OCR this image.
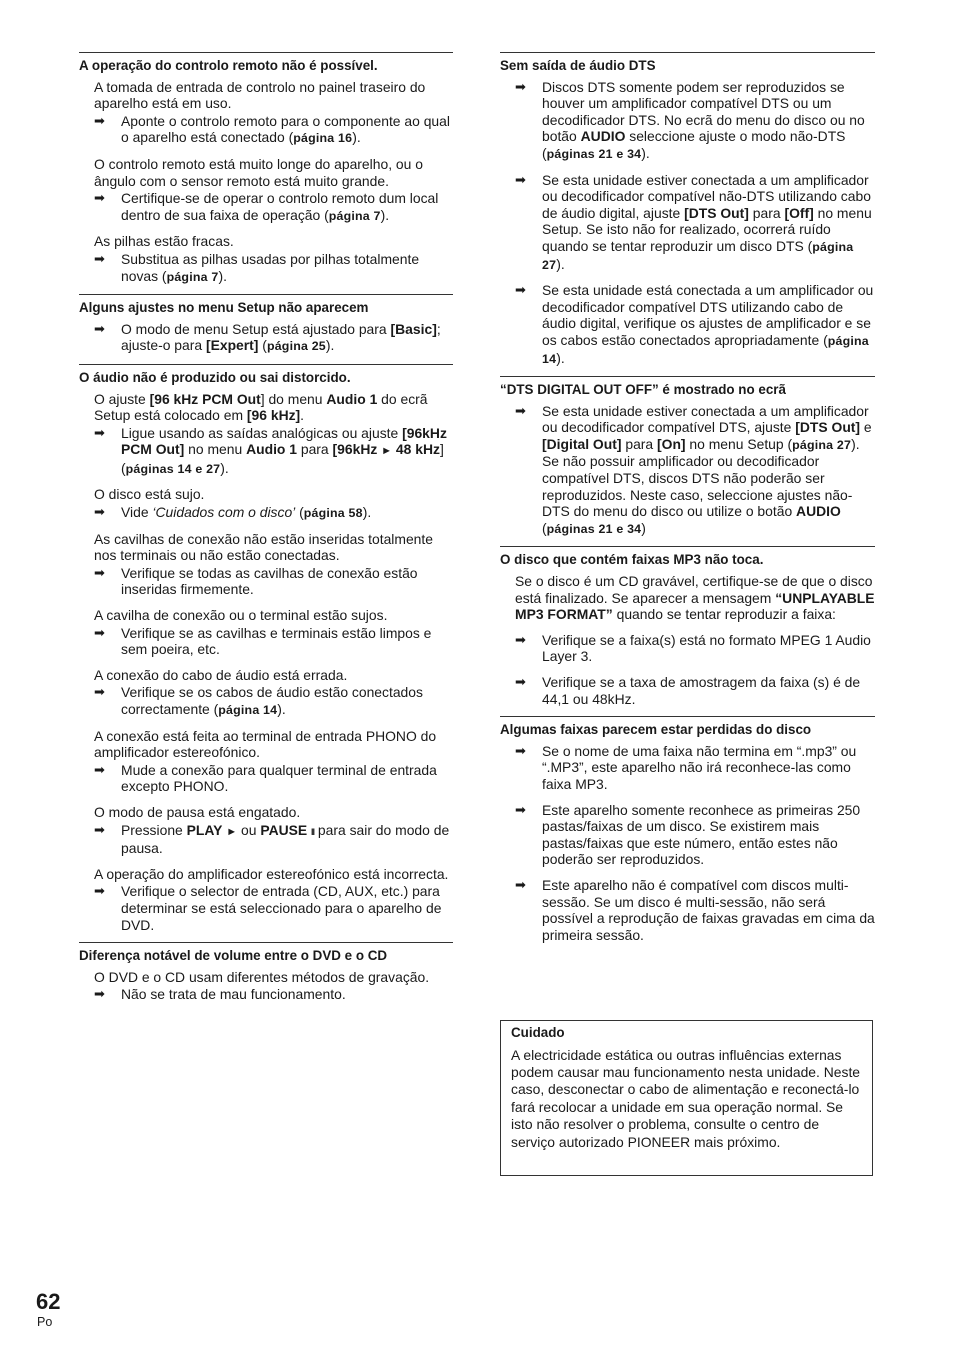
A operação do controlo remoto não é possível.

A tomada de entrada de controlo no painel traseiro do aparelho está em uso.

➡ Aponte o controlo remoto para o componente ao qual o aparelho está conectado (página 16).

O controlo remoto está muito longe do aparelho, ou o ângulo com o sensor remoto está muito grande.

➡ Certifique-se de operar o controlo remoto dum local dentro de sua faixa de operação (página 7).

As pilhas estão fracas.

➡ Substitua as pilhas usadas por pilhas totalmente novas (página 7).
Alguns ajustes no menu Setup não aparecem
➡ O modo de menu Setup está ajustado para [Basic]; ajuste-o para [Expert] (página 25).
O áudio não é produzido ou sai distorcido.

O ajuste [96 kHz PCM Out] do menu Audio 1 do ecrã Setup está colocado em [96 kHz].

➡ Ligue usando as saídas analógicas ou ajuste [96kHz PCM Out] no menu Audio 1 para [96kHz ► 48 kHz] (páginas 14 e 27).

O disco está sujo.

➡ Vide ‘Cuidados com o disco’ (página 58).

As cavilhas de conexão não estão inseridas totalmente nos terminais ou não estão conectadas.

➡ Verifique se todas as cavilhas de conexão estão inseridas firmemente.

A cavilha de conexão ou o terminal estão sujos.

➡ Verifique se as cavilhas e terminais estão limpos e sem poeira, etc.

A conexão do cabo de áudio está errada.

➡ Verifique se os cabos de áudio estão conectados correctamente (página 14).

A conexão está feita ao terminal de entrada PHONO do amplificador estereofónico.

➡ Mude a conexão para qualquer terminal de entrada excepto PHONO.

O modo de pausa está engatado.

➡ Pressione PLAY ► ou PAUSE II para sair do modo de pausa.

A operação do amplificador estereofónico está incorrecta.

➡ Verifique o selector de entrada (CD, AUX, etc.) para determinar se está seleccionado para o aparelho de DVD.
Diferença notável de volume entre o DVD e o CD

O DVD e o CD usam diferentes métodos de gravação.

➡ Não se trata de mau funcionamento.
Sem saída de áudio DTS
➡ Discos DTS somente podem ser reproduzidos se houver um amplificador compatível DTS ou um decodificador DTS. No ecrã do menu do disco ou no botão AUDIO seleccione ajuste o modo não-DTS (páginas 21 e 34).
➡ Se esta unidade estiver conectada a um amplificador ou decodificador compatível não-DTS utilizando cabo de áudio digital, ajuste [DTS Out] para [Off] no menu Setup. Se isto não for realizado, ocorrerá ruído quando se tentar reproduzir um disco DTS (página 27).
➡ Se esta unidade está conectada a um amplificador ou decodificador compatível DTS utilizando cabo de áudio digital, verifique os ajustes de amplificador e se os cabos estão conectados apropriadamente (página 14).
“DTS DIGITAL OUT OFF” é mostrado no ecrã
➡ Se esta unidade estiver conectada a um amplificador ou decodificador compatível DTS, ajuste [DTS Out] e [Digital Out] para [On] no menu Setup (página 27). Se não possuir amplificador ou decodificador compatível DTS, discos DTS não poderão ser reproduzidos. Neste caso, seleccione ajustes não-DTS do menu do disco ou utilize o botão AUDIO (páginas 21 e 34)
O disco que contém faixas MP3 não toca.

Se o disco é um CD gravável, certifique-se de que o disco está finalizado. Se aparecer a mensagem “UNPLAYABLE MP3 FORMAT” quando se tentar reproduzir a faixa:

➡ Verifique se a faixa(s) está no formato MPEG 1 Audio Layer 3.
➡ Verifique se a taxa de amostragem da faixa (s) é de 44,1 ou 48kHz.
Algumas faixas parecem estar perdidas do disco
➡ Se o nome de uma faixa não termina em “.mp3” ou “.MP3”, este aparelho não irá reconhece-las como faixa MP3.
➡ Este aparelho somente reconhece as primeiras 250 pastas/faixas de um disco. Se existirem mais pastas/faixas que este número, então estes não poderão ser reproduzidos.
➡ Este aparelho não é compatível com discos multi-sessão. Se um disco é multi-sessão, não será possível a reprodução de faixas gravadas em cima da primeira sessão.
Cuidado

A electricidade estática ou outras influências externas podem causar mau funcionamento nesta unidade. Neste caso, desconectar o cabo de alimentação e reconectá-lo fará recolocar a unidade em sua operação normal. Se isto não resolver o problema, consulte o centro de serviço autorizado PIONEER mais próximo.

62
Po
